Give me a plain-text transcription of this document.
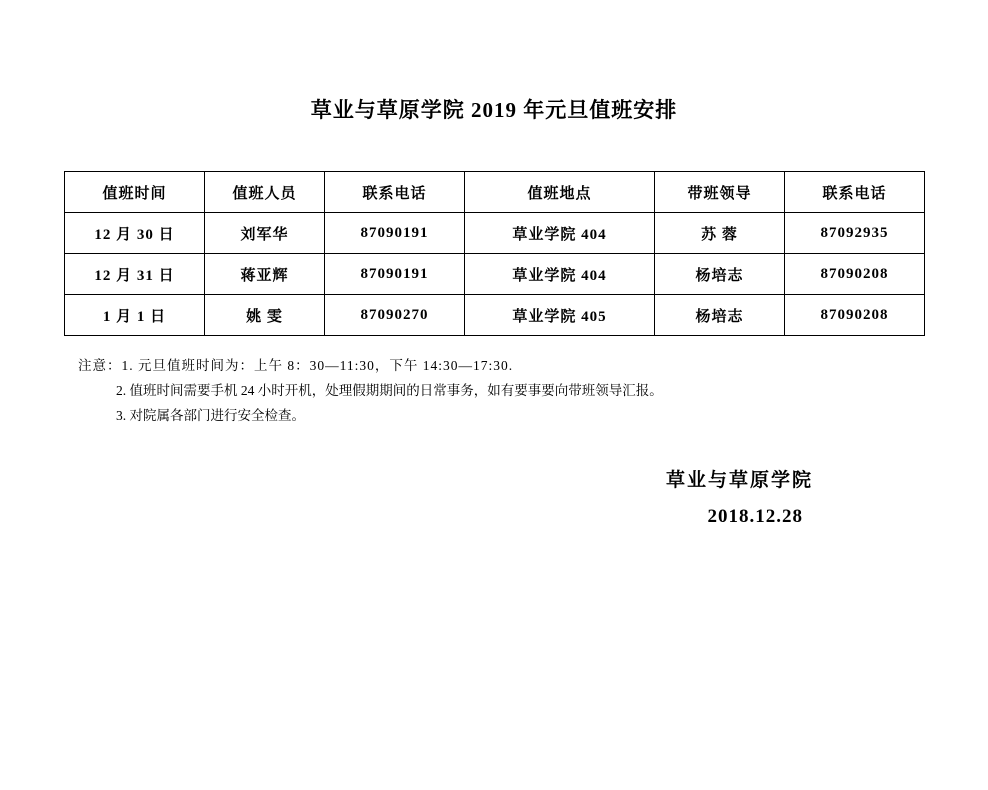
草业与草原学院 2019 年元旦值班安排
值班时间	值班人员	联系电话	值班地点	带班领导	联系电话
12 月 30 日	刘军华	87090191	草业学院 404	苏 蓉	87092935
12 月 31 日	蒋亚辉	87090191	草业学院 404	杨培志	87090208
1 月 1 日	姚 雯	87090270	草业学院 405	杨培志	87090208
注意：1. 元旦值班时间为：上午 8：30—11:30，下午 14:30—17:30.
2. 值班时间需要手机 24 小时开机，处理假期期间的日常事务，如有要事要向带班领导汇报。
3. 对院属各部门进行安全检查。
草业与草原学院
2018.12.28
